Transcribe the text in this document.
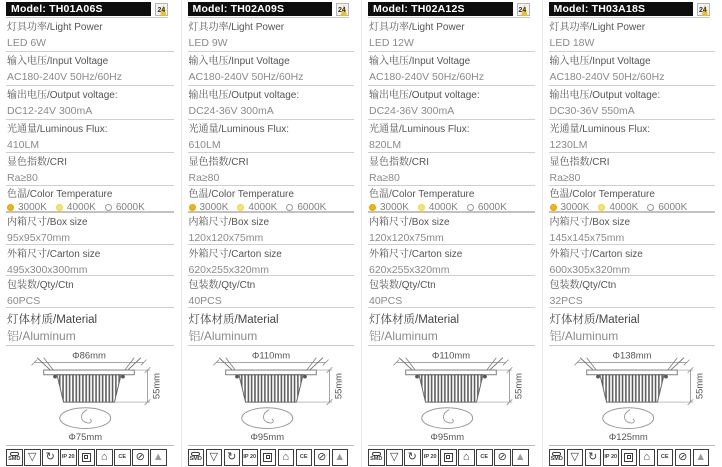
Model: TH01A06S	24
灯具功率/Light Power
LED 6W
输入电压/Input Voltage
AC180-240V 50Hz/60Hz
输出电压/Output voltage:
DC12-24V 300mA
光通量/Luminous Flux:
410LM
显色指数/CRI
Ra≥80
色温/Color Temperature
3000K 4000K 6000K
内箱尺寸/Box size
95x95x70mm
外箱尺寸/Carton size
495x300x300mm
包装数/Qty/Ctn
60PCS
灯体材质/Material
铝/Aluminum
Φ86mm
55mm
Φ75mm
SMD ▽ ↻ IP 20 ⌂ CE ⊘ ▲
Model: TH02A09S	24
灯具功率/Light Power
LED 9W
输入电压/Input Voltage
AC180-240V 50Hz/60Hz
输出电压/Output voltage:
DC24-36V 300mA
光通量/Luminous Flux:
610LM
显色指数/CRI
Ra≥80
色温/Color Temperature
3000K 4000K 6000K
内箱尺寸/Box size
120x120x75mm
外箱尺寸/Carton size
620x255x320mm
包装数/Qty/Ctn
40PCS
灯体材质/Material
铝/Aluminum
Φ110mm
55mm
Φ95mm
SMD ▽ ↻ IP 20 ⌂ CE ⊘ ▲
Model: TH02A12S	24
灯具功率/Light Power
LED 12W
输入电压/Input Voltage
AC180-240V 50Hz/60Hz
输出电压/Output voltage:
DC24-36V 300mA
光通量/Luminous Flux:
820LM
显色指数/CRI
Ra≥80
色温/Color Temperature
3000K 4000K 6000K
内箱尺寸/Box size
120x120x75mm
外箱尺寸/Carton size
620x255x320mm
包装数/Qty/Ctn
40PCS
灯体材质/Material
铝/Aluminum
Φ110mm
55mm
Φ95mm
SMD ▽ ↻ IP 20 ⌂ CE ⊘ ▲
Model: TH03A18S	24
灯具功率/Light Power
LED 18W
输入电压/Input Voltage
AC180-240V 50Hz/60Hz
输出电压/Output voltage:
DC30-36V 550mA
光通量/Luminous Flux:
1230LM
显色指数/CRI
Ra≥80
色温/Color Temperature
3000K 4000K 6000K
内箱尺寸/Box size
145x145x75mm
外箱尺寸/Carton size
600x305x320mm
包装数/Qty/Ctn
32PCS
灯体材质/Material
铝/Aluminum
Φ138mm
55mm
Φ125mm
SMD ▽ ↻ IP 20 ⌂ CE ⊘ ▲
